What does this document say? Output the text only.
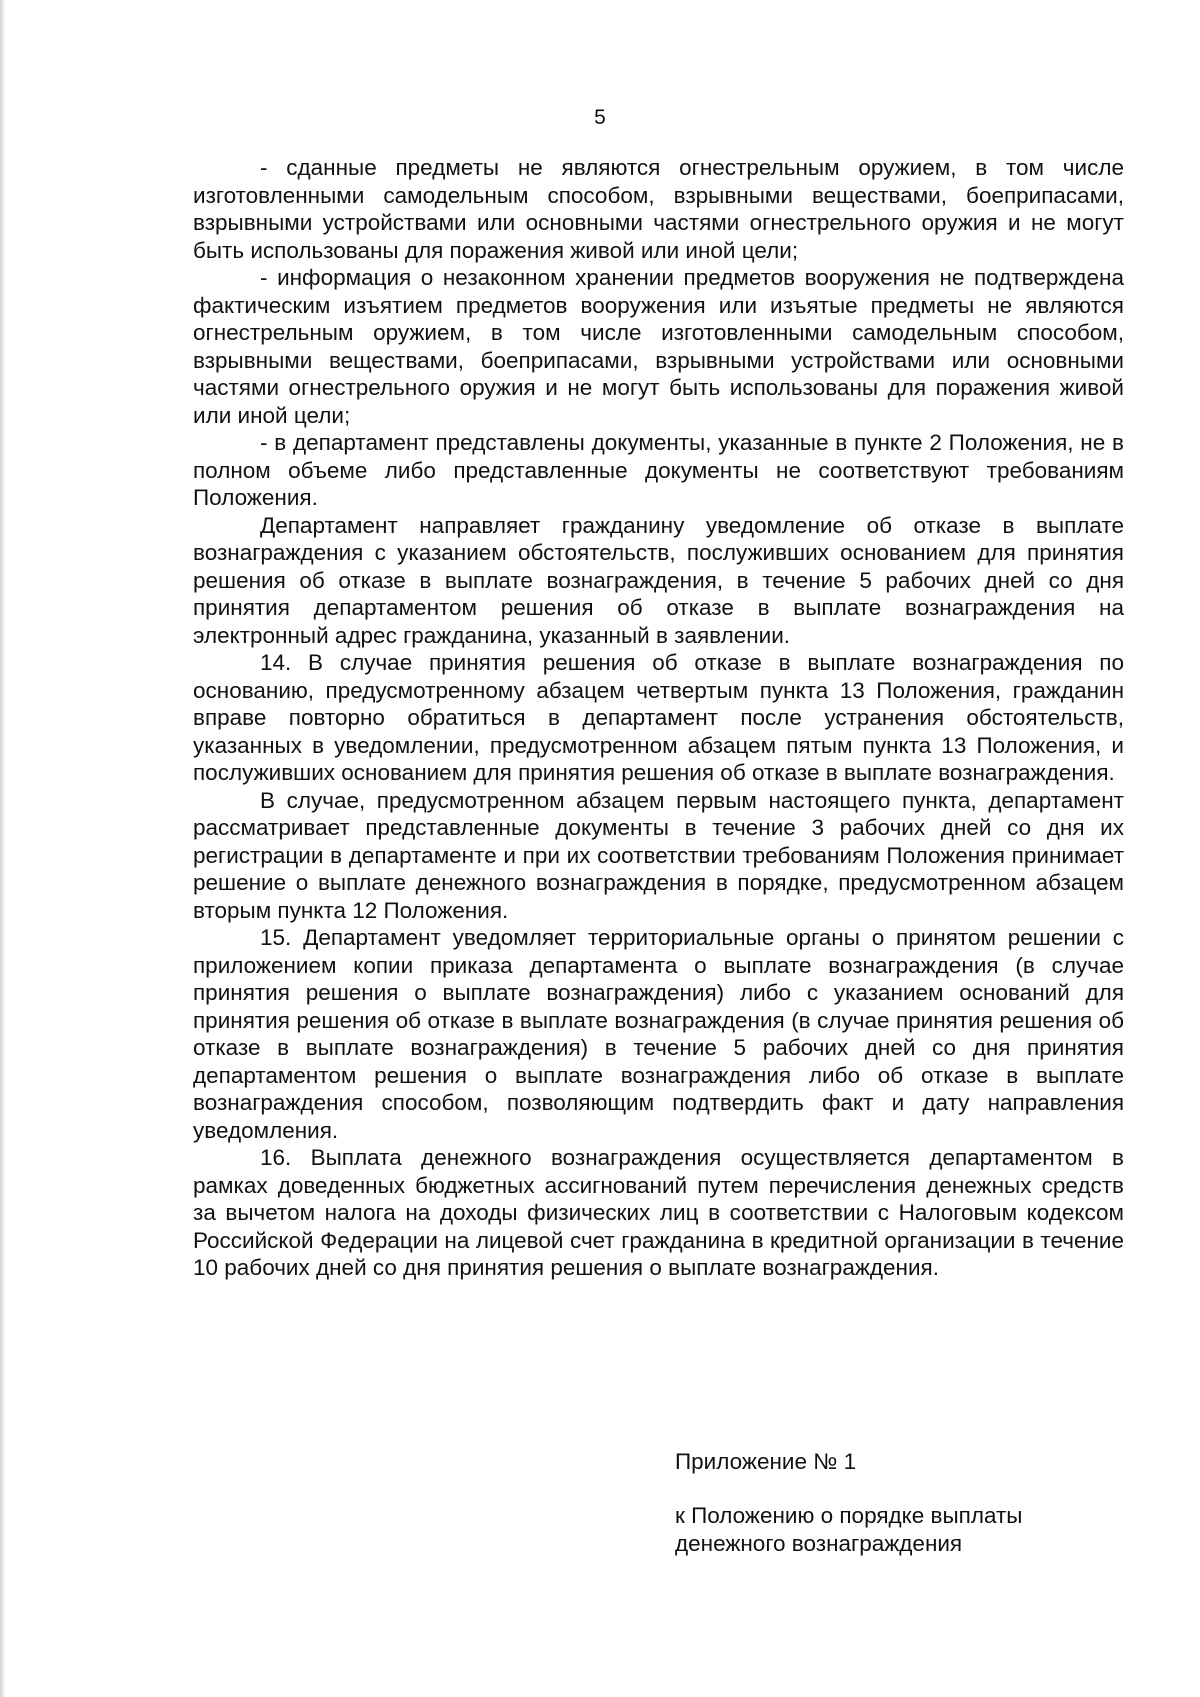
5

- сданные предметы не являются огнестрельным оружием, в том числе изготовленными самодельным способом, взрывными веществами, боеприпасами, взрывными устройствами или основными частями огнестрельного оружия и не могут быть использованы для поражения живой или иной цели;

- информация о незаконном хранении предметов вооружения не подтверждена фактическим изъятием предметов вооружения или изъятые предметы не являются огнестрельным оружием, в том числе изготовленными самодельным способом, взрывными веществами, боеприпасами, взрывными устройствами или основными частями огнестрельного оружия и не могут быть использованы для поражения живой или иной цели;

- в департамент представлены документы, указанные в пункте 2 Положения, не в полном объеме либо представленные документы не соответствуют требованиям Положения.

Департамент направляет гражданину уведомление об отказе в выплате вознаграждения с указанием обстоятельств, послуживших основанием для принятия решения об отказе в выплате вознаграждения, в течение 5 рабочих дней со дня принятия департаментом решения об отказе в выплате вознаграждения на электронный адрес гражданина, указанный в заявлении.

14. В случае принятия решения об отказе в выплате вознаграждения по основанию, предусмотренному абзацем четвертым пункта 13 Положения, гражданин вправе повторно обратиться в департамент после устранения обстоятельств, указанных в уведомлении, предусмотренном абзацем пятым пункта 13 Положения, и послуживших основанием для принятия решения об отказе в выплате вознаграждения.

В случае, предусмотренном абзацем первым настоящего пункта, департамент рассматривает представленные документы в течение 3 рабочих дней со дня их регистрации в департаменте и при их соответствии требованиям Положения принимает решение о выплате денежного вознаграждения в порядке, предусмотренном абзацем вторым пункта 12 Положения.

15. Департамент уведомляет территориальные органы о принятом решении с приложением копии приказа департамента о выплате вознаграждения (в случае принятия решения о выплате вознаграждения) либо с указанием оснований для принятия решения об отказе в выплате вознаграждения (в случае принятия решения об отказе в выплате вознаграждения) в течение 5 рабочих дней со дня принятия департаментом решения о выплате вознаграждения либо об отказе в выплате вознаграждения способом, позволяющим подтвердить факт и дату направления уведомления.

16. Выплата денежного вознаграждения осуществляется департаментом в рамках доведенных бюджетных ассигнований путем перечисления денежных средств за вычетом налога на доходы физических лиц в соответствии с Налоговым кодексом Российской Федерации на лицевой счет гражданина в кредитной организации в течение 10 рабочих дней со дня принятия решения о выплате вознаграждения.

Приложение № 1

к Положению о порядке выплаты

денежного вознаграждения
